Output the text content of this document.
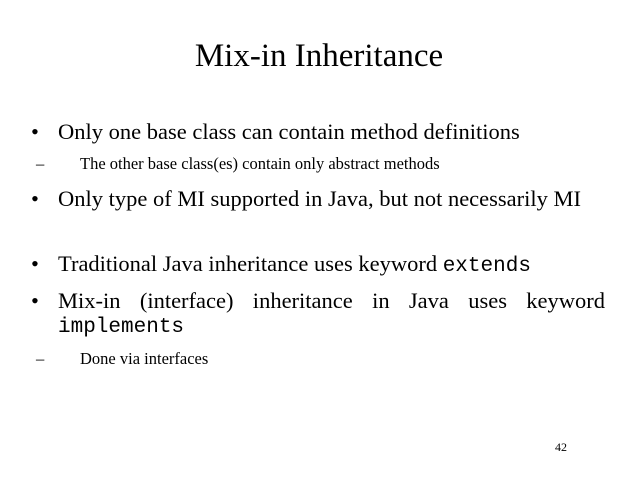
Mix-in Inheritance

• Only one base class can contain method definitions

–	The other base class(es) contain only abstract methods

• Only type of MI supported in Java, but not necessarily MI

• Traditional Java inheritance uses keyword extends

• Mix-in (interface) inheritance in Java uses keyword
implements

–	Done via interfaces

42
